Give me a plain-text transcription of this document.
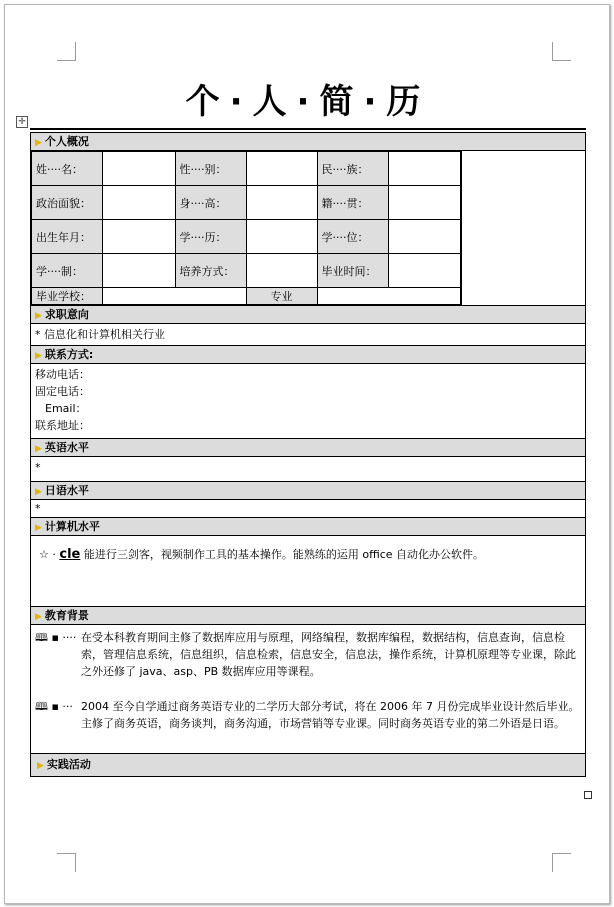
个·人·简·历
✛
▶ 个人概况
姓····名：		性····别：		民····族：	
政治面貌：		身····高：		籍····贯：	
出生年月：		学····历：		学····位：	
学····制：		培养方式：		毕业时间：	
毕业学校：			专业		
▶ 求职意向
* 信息化和计算机相关行业
▶ 联系方式:
移动电话：
固定电话：
Email：
联系地址：
▶ 英语水平
*
▶ 日语水平
*
▶ 计算机水平
☆ · cle 能进行三剑客，视频制作工具的基本操作。能熟练的运用 office 自动化办公软件。
▶ 教育背景
🕮 ▪ ···· 在受本科教育期间主修了数据库应用与原理，网络编程，数据库编程，数据结构，信息查询，信息检索，管理信息系统，信息组织，信息检索，信息安全，信息法，操作系统，计算机原理等专业课，除此之外还修了 java、asp、PB 数据库应用等课程。
🕮 ▪ ··· 2004 至今自学通过商务英语专业的二学历大部分考试，将在 2006 年 7 月份完成毕业设计然后毕业。主修了商务英语，商务谈判，商务沟通，市场营销等专业课。同时商务英语专业的第二外语是日语。
▶ 实践活动
